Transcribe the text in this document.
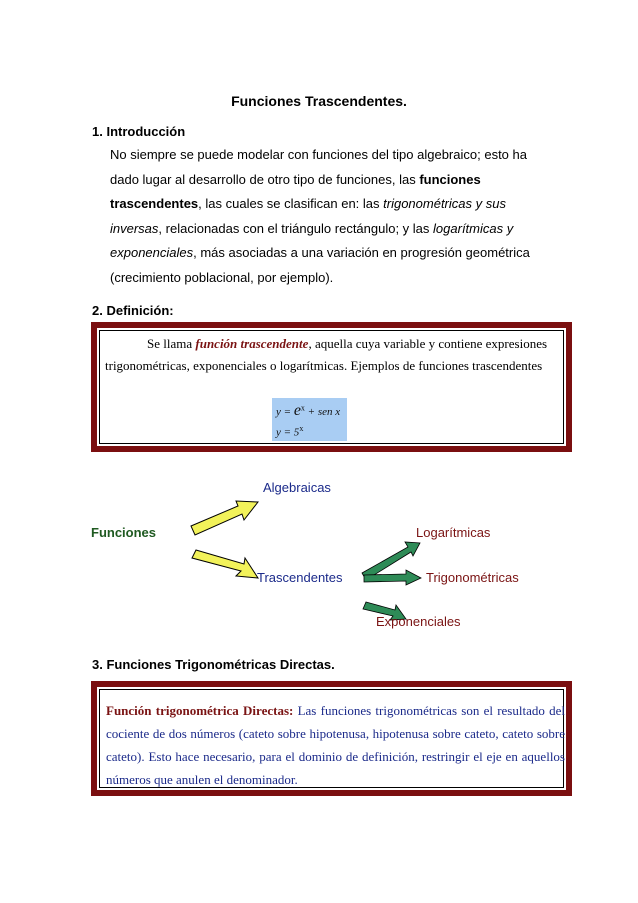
Funciones Trascendentes.
1. Introducción
No siempre se puede modelar con funciones del tipo algebraico; esto ha
dado lugar al desarrollo de otro tipo de funciones, las funciones
trascendentes, las cuales se clasifican en: las trigonométricas y sus
inversas, relacionadas con el triángulo rectángulo; y las logarítmicas y
exponenciales, más asociadas a una variación en progresión geométrica
(crecimiento poblacional, por ejemplo).
2. Definición:
Se llama función trascendente, aquella cuya variable y contiene expresiones
trigonométricas, exponenciales o logarítmicas. Ejemplos de funciones trascendentes
$y = e^x$ + sen x
$y = 5^x$
Algebraicas
Funciones	Logarítmicas
Trascendentes	Trigonométricas
Exponenciales
3. Funciones Trigonométricas Directas.
Función trigonométrica Directas: Las funciones trigonométricas son el resultado del cociente de dos números (cateto sobre hipotenusa, hipotenusa sobre cateto, cateto sobre cateto). Esto hace necesario, para el dominio de definición, restringir el eje en aquellos números que anulen el denominador.
